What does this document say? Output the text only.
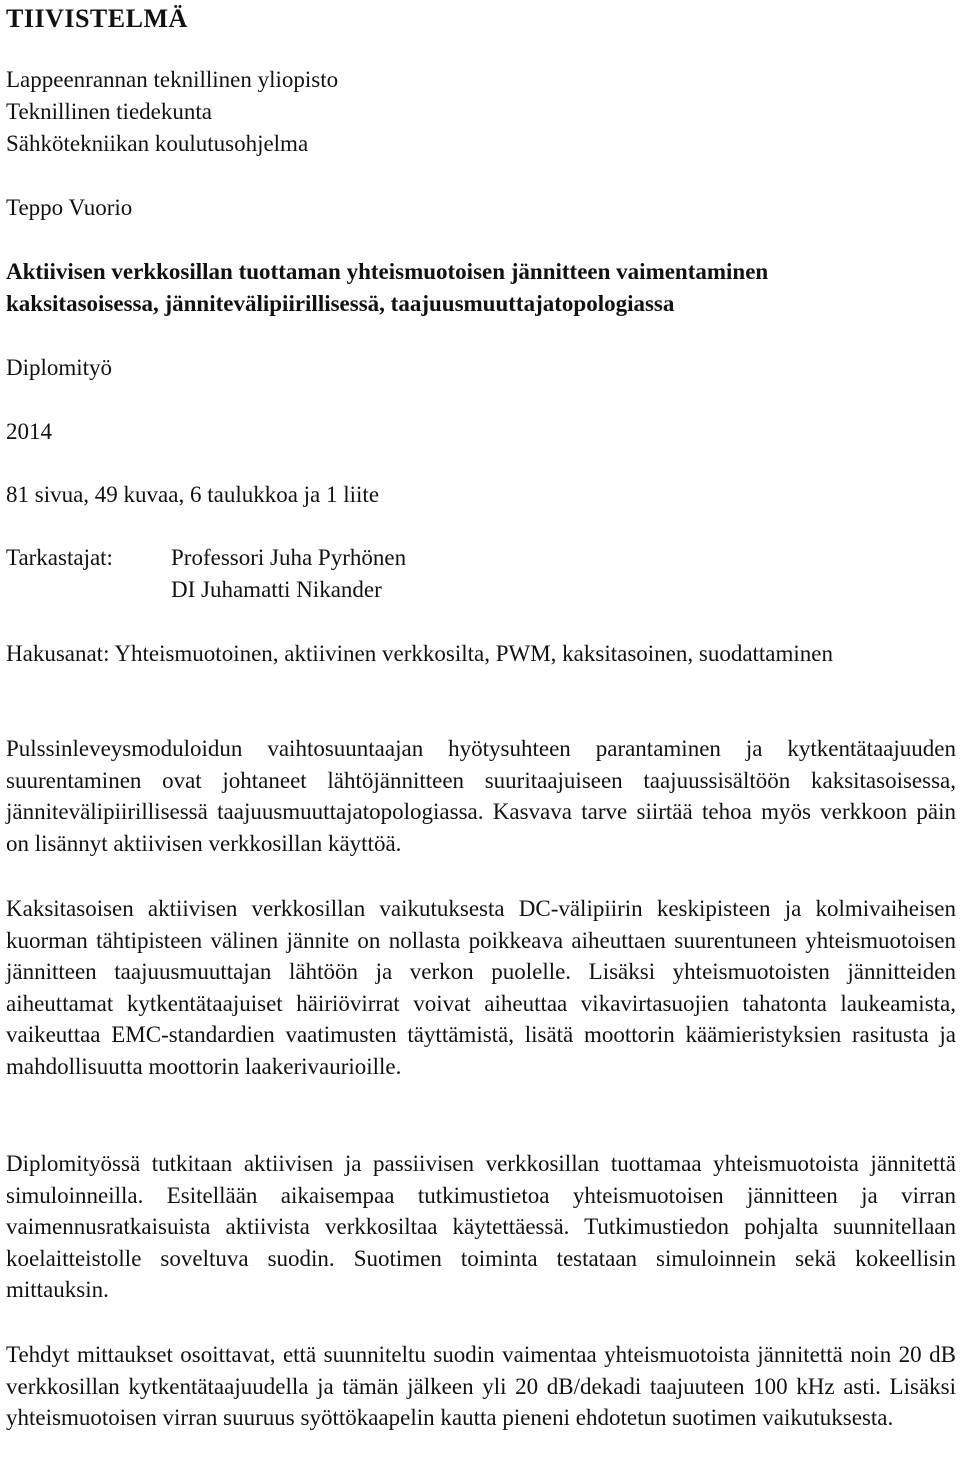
TIIVISTELMÄ
Lappeenrannan teknillinen yliopisto
Teknillinen tiedekunta
Sähkötekniikan koulutusohjelma
Teppo Vuorio
Aktiivisen verkkosillan tuottaman yhteismuotoisen jännitteen vaimentaminen
kaksitasoisessa, jännitevälipiirillisessä, taajuusmuuttajatopologiassa
Diplomityö
2014
81 sivua, 49 kuvaa, 6 taulukkoa ja 1 liite
Tarkastajat:	Professori Juha Pyrhönen
DI Juhamatti Nikander
Hakusanat: Yhteismuotoinen, aktiivinen verkkosilta, PWM, kaksitasoinen, suodattaminen
Pulssinleveysmoduloidun vaihtosuuntaajan hyötysuhteen parantaminen ja kytkentätaajuuden suurentaminen ovat johtaneet lähtöjännitteen suuritaajuiseen taajuussisältöön kaksitasoisessa, jännitevälipiirillisessä taajuusmuuttajatopologiassa. Kasvava tarve siirtää tehoa myös verkkoon päin on lisännyt aktiivisen verkkosillan käyttöä.
Kaksitasoisen aktiivisen verkkosillan vaikutuksesta DC-välipiirin keskipisteen ja kolmivaiheisen kuorman tähtipisteen välinen jännite on nollasta poikkeava aiheuttaen suurentuneen yhteismuotoisen jännitteen taajuusmuuttajan lähtöön ja verkon puolelle. Lisäksi yhteismuotoisten jännitteiden aiheuttamat kytkentätaajuiset häiriövirrat voivat aiheuttaa vikavirtasuojien tahatonta laukeamista, vaikeuttaa EMC-standardien vaatimusten täyttämistä, lisätä moottorin käämieristyksien rasitusta ja mahdollisuutta moottorin laakerivaurioille.
Diplomityössä tutkitaan aktiivisen ja passiivisen verkkosillan tuottamaa yhteismuotoista jännitettä simuloinneilla. Esitellään aikaisempaa tutkimustietoa yhteismuotoisen jännitteen ja virran vaimennusratkaisuista aktiivista verkkosiltaa käytettäessä. Tutkimustiedon pohjalta suunnitellaan koelaitteistolle soveltuva suodin. Suotimen toiminta testataan simuloinnein sekä kokeellisin mittauksin.
Tehdyt mittaukset osoittavat, että suunniteltu suodin vaimentaa yhteismuotoista jännitettä noin 20 dB verkkosillan kytkentätaajuudella ja tämän jälkeen yli 20 dB/dekadi taajuuteen 100 kHz asti. Lisäksi yhteismuotoisen virran suuruus syöttökaapelin kautta pieneni ehdotetun suotimen vaikutuksesta.
